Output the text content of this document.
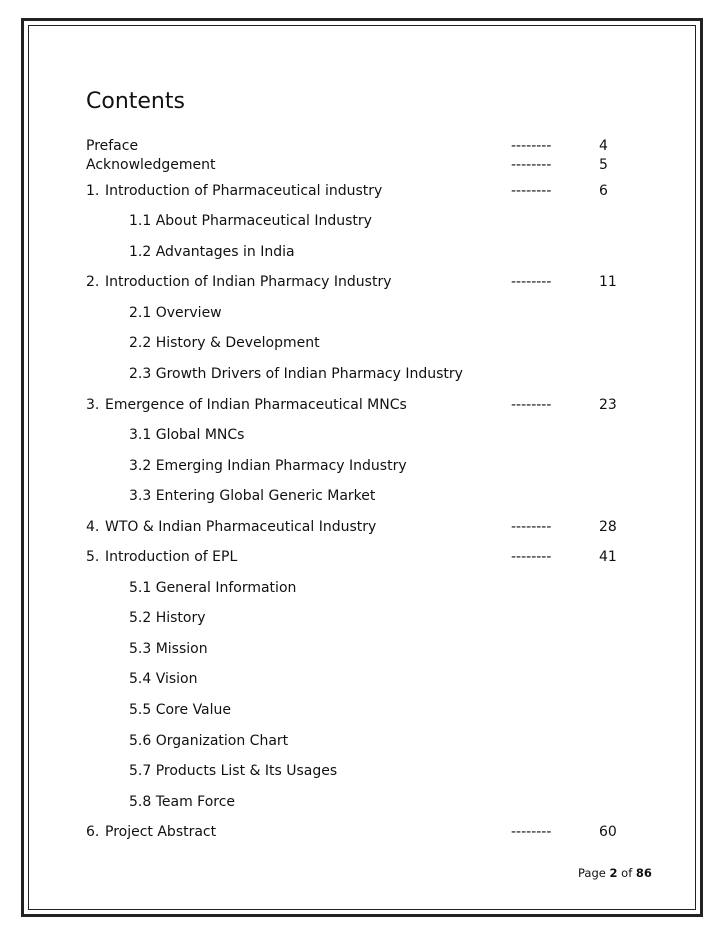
Contents
Preface	--------	4
Acknowledgement	--------	5
1. Introduction of Pharmaceutical industry	--------	6
1.1 About Pharmaceutical Industry
1.2 Advantages in India
2. Introduction of Indian Pharmacy Industry	--------	11
2.1 Overview
2.2 History & Development
2.3 Growth Drivers of Indian Pharmacy Industry
3. Emergence of Indian Pharmaceutical MNCs	--------	23
3.1 Global MNCs
3.2 Emerging Indian Pharmacy Industry
3.3 Entering Global Generic Market
4. WTO & Indian Pharmaceutical Industry	--------	28
5. Introduction of EPL	--------	41
5.1 General Information
5.2 History
5.3 Mission
5.4 Vision
5.5 Core Value
5.6 Organization Chart
5.7 Products List & Its Usages
5.8 Team Force
6. Project Abstract	--------	60
Page 2 of 86
